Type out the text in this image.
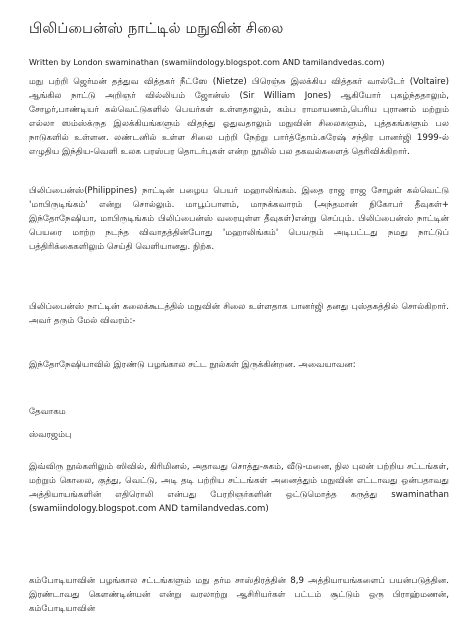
பிலிப்பைன்ஸ் நாட்டில் மநுவின் சிலை
Written by London swaminathan (swamiindology.blogspot.com AND tamilandvedas.com)
மநு பற்றி ஜெர்மன் தத்துவ வித்தகர் நீட்ஸே (Nietze) பிரெஞ்சு இலக்கிய வித்தகர் வால்டேர் (Voltaire) ஆங்கில நாட்டு அறிஞர் வில்லியம் ஜோன்ஸ் (Sir William Jones) ஆகியோர் புகழ்ந்ததாலும், சோழர்,பாண்டியர் கல்வெட்டுகளில் பெயர்கள் உள்ளதாலும், கம்ப ராமாயணம்,பெரிய புராணம் மற்றும் எல்லா ஸம்ஸ்க்ருத இலக்கியங்களும் விதந்து ஓதுவதாலும் மநுவின் சிலைகளும், புத்தகங்களும் பல நாடுகளில் உள்ளன. லண்டனில் உள்ள சிலை பற்றி நேற்று பார்த்தோம்.சுரேஷ் சந்திர பானர்ஜி 1999-ல் எழுதிய இந்திய-வெளி உலக பரஸ்பர தொடர்புகள் என்ற நூலில் பல தகவல்களைத் தெரிவிக்கிறார்.
பிலிப்பைன்ஸ்(Philippines) நாட்டின் பழைய பெயர் மஹாலிங்கம். இதை ராஜ ராஜ சோழன் கல்வெட்டு 'மாபிருடிங்கம்' என்று சொல்லும். மாபூப்பாளம், மாநக்கவாரம் (அந்தமான் நிகோபர் தீவுகள்+ இந்தோநேஷியா, மாபிருடிங்கம் பிலிப்பைன்ஸ் வரையுள்ள தீவுகள்)என்று செப்பும். பிலிப்பைன்ஸ் நாட்டின் பெயரை மாற்ற நடந்த விவாதத்தின்போது 'மஹாலிங்கம்' பெயரும் அடிபட்டது நமது நாட்டுப் பத்திரிக்கைகளிலும் செய்தி வெளியானது. நிற்க.
பிலிப்பைன்ஸ் நாட்டின் கலைக்கூடத்தில் மநுவின் சிலை உள்ளதாக பானர்ஜி தனது புஸ்தகத்தில் சொல்கிறார். அவர் தரும் மேல் விவரம்:-
இந்தோநேஷியாவில் இரண்டு பழங்கால சட்ட நூல்கள் இருக்கின்றன. அவையாவன:
தேவாகம
ஸ்வரஜம்பு
இவ்விரு நூல்களிலும் ஸிவில், கிரிமினல், அதாவது சொத்து-சுகம், வீடு-மனை, நில புலன் பற்றிய சட்டங்கள், மற்றும் கொலை, குத்து, வெட்டு, அடி தடி பற்றிய சட்டங்கள் அனைத்தும் மநுவின் எட்டாவது ஒன்பதாவது அத்தியாயங்களின் எதிரொலி என்பது பேரறிஞர்களின் ஒட்டுமொத்த கருத்து swaminathan (swamiindology.blogspot.com AND tamilandvedas.com)
கம்போடியாவின் பழங்கால சட்டங்களும் மநு தர்ம சாஸ்திரத்தின் 8,9 அத்தியாயங்களைப் பயன்படுத்தின. இரண்டாவது கௌண்டின்யன் என்று வரலாற்று ஆசிரியர்கள் பட்டம் சூட்டும் ஒரு பிராஹ்மணன், கம்போடியாவின்
